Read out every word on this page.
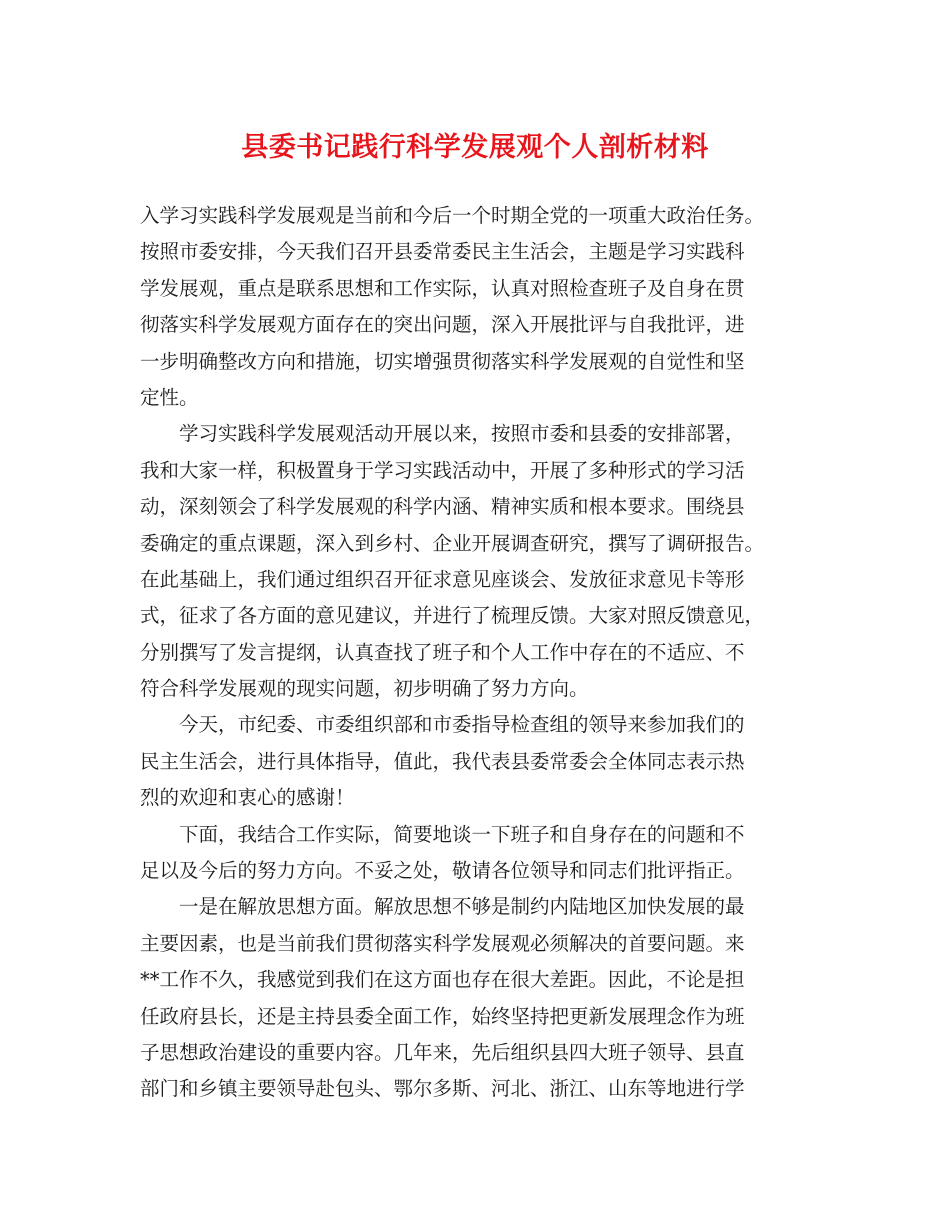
县委书记践行科学发展观个人剖析材料
入学习实践科学发展观是当前和今后一个时期全党的一项重大政治任务。
按照市委安排，今天我们召开县委常委民主生活会，主题是学习实践科
学发展观，重点是联系思想和工作实际，认真对照检查班子及自身在贯
彻落实科学发展观方面存在的突出问题，深入开展批评与自我批评，进
一步明确整改方向和措施，切实增强贯彻落实科学发展观的自觉性和坚
定性。
　　学习实践科学发展观活动开展以来，按照市委和县委的安排部署，
我和大家一样，积极置身于学习实践活动中，开展了多种形式的学习活
动，深刻领会了科学发展观的科学内涵、精神实质和根本要求。围绕县
委确定的重点课题，深入到乡村、企业开展调查研究，撰写了调研报告。
在此基础上，我们通过组织召开征求意见座谈会、发放征求意见卡等形
式，征求了各方面的意见建议，并进行了梳理反馈。大家对照反馈意见，
分别撰写了发言提纲，认真查找了班子和个人工作中存在的不适应、不
符合科学发展观的现实问题，初步明确了努力方向。
　　今天，市纪委、市委组织部和市委指导检查组的领导来参加我们的
民主生活会，进行具体指导，值此，我代表县委常委会全体同志表示热
烈的欢迎和衷心的感谢！
　　下面，我结合工作实际，简要地谈一下班子和自身存在的问题和不
足以及今后的努力方向。不妥之处，敬请各位领导和同志们批评指正。
　　一是在解放思想方面。解放思想不够是制约内陆地区加快发展的最
主要因素，也是当前我们贯彻落实科学发展观必须解决的首要问题。来
**工作不久，我感觉到我们在这方面也存在很大差距。因此，不论是担
任政府县长，还是主持县委全面工作，始终坚持把更新发展理念作为班
子思想政治建设的重要内容。几年来，先后组织县四大班子领导、县直
部门和乡镇主要领导赴包头、鄂尔多斯、河北、浙江、山东等地进行学
